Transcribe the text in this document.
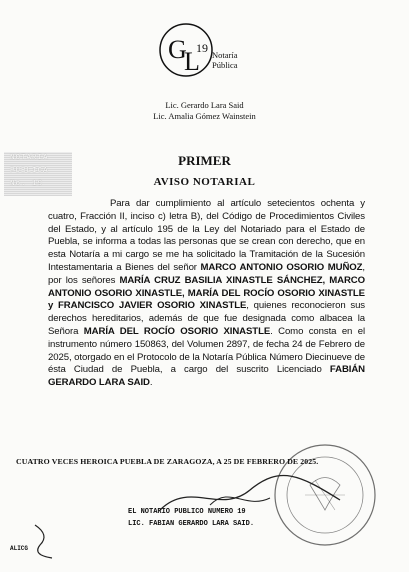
G
L
19 Notaría
Pública
Lic. Gerardo Lara Said
Lic. Amalia Gómez Wainstein
NOTARIA
PUBLICA
No. 19
PRIMER
AVISO NOTARIAL
Para dar cumplimiento al artículo setecientos ochenta y cuatro, Fracción II, inciso c) letra B), del Código de Procedimientos Civiles del Estado, y al artículo 195 de la Ley del Notariado para el Estado de Puebla, se informa a todas las personas que se crean con derecho, que en esta Notaría a mi cargo se me ha solicitado la Tramitación de la Sucesión Intestamentaria a Bienes del señor MARCO ANTONIO OSORIO MUÑOZ, por los señores MARÍA CRUZ BASILIA XINASTLE SÁNCHEZ, MARCO ANTONIO OSORIO XINASTLE, MARÍA DEL ROCÍO OSORIO XINASTLE y FRANCISCO JAVIER OSORIO XINASTLE, quienes reconocieron sus derechos hereditarios, además de que fue designada como albacea la Señora MARÍA DEL ROCÍO OSORIO XINASTLE. Como consta en el instrumento número 150863, del Volumen 2897, de fecha 24 de Febrero de 2025, otorgado en el Protocolo de la Notaría Pública Número Diecinueve de ésta Ciudad de Puebla, a cargo del suscrito Licenciado FABIÁN GERARDO LARA SAID.
CUATRO VECES HEROICA PUEBLA DE ZARAGOZA, A 25 DE FEBRERO DE 2025.
EL NOTARIO PUBLICO NUMERO 19
LIC. FABIAN GERARDO LARA SAID.
ALICG
